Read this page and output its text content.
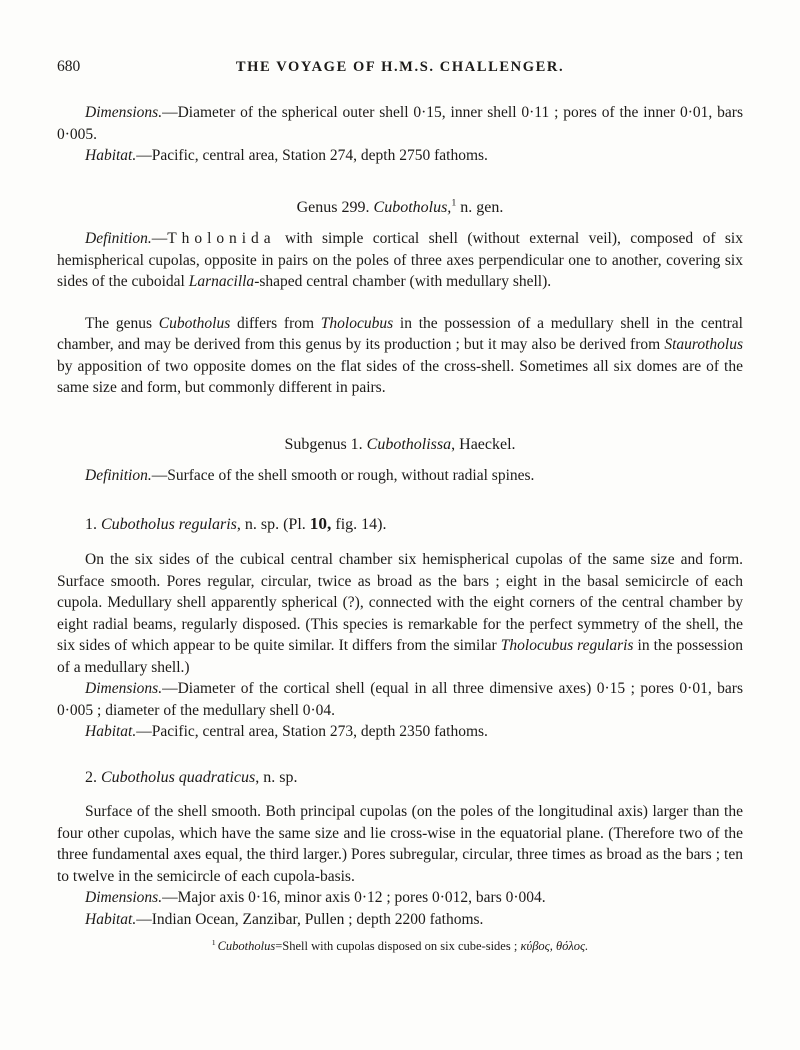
680	THE VOYAGE OF H.M.S. CHALLENGER.

Dimensions.—Diameter of the spherical outer shell 0·15, inner shell 0·11 ; pores of the inner 0·01, bars 0·005.

Habitat.—Pacific, central area, Station 274, depth 2750 fathoms.

Genus 299. Cubotholus,$^1$ n. gen.

Definition.—Tholonida with simple cortical shell (without external veil), composed of six hemispherical cupolas, opposite in pairs on the poles of three axes perpendicular one to another, covering six sides of the cuboidal Larnacilla-shaped central chamber (with medullary shell).

The genus Cubotholus differs from Tholocubus in the possession of a medullary shell in the central chamber, and may be derived from this genus by its production ; but it may also be derived from Staurotholus by apposition of two opposite domes on the flat sides of the cross-shell. Sometimes all six domes are of the same size and form, but commonly different in pairs.

Subgenus 1. Cubotholissa, Haeckel.

Definition.—Surface of the shell smooth or rough, without radial spines.

1. Cubotholus regularis, n. sp. (Pl. 10, fig. 14).

On the six sides of the cubical central chamber six hemispherical cupolas of the same size and form. Surface smooth. Pores regular, circular, twice as broad as the bars ; eight in the basal semicircle of each cupola. Medullary shell apparently spherical (?), connected with the eight corners of the central chamber by eight radial beams, regularly disposed. (This species is remarkable for the perfect symmetry of the shell, the six sides of which appear to be quite similar. It differs from the similar Tholocubus regularis in the possession of a medullary shell.)

Dimensions.—Diameter of the cortical shell (equal in all three dimensive axes) 0·15 ; pores 0·01, bars 0·005 ; diameter of the medullary shell 0·04.

Habitat.—Pacific, central area, Station 273, depth 2350 fathoms.

2. Cubotholus quadraticus, n. sp.

Surface of the shell smooth. Both principal cupolas (on the poles of the longitudinal axis) larger than the four other cupolas, which have the same size and lie cross-wise in the equatorial plane. (Therefore two of the three fundamental axes equal, the third larger.) Pores subregular, circular, three times as broad as the bars ; ten to twelve in the semicircle of each cupola-basis.

Dimensions.—Major axis 0·16, minor axis 0·12 ; pores 0·012, bars 0·004.

Habitat.—Indian Ocean, Zanzibar, Pullen ; depth 2200 fathoms.

$^1$ Cubotholus=Shell with cupolas disposed on six cube-sides ; κύβος, θόλος.
